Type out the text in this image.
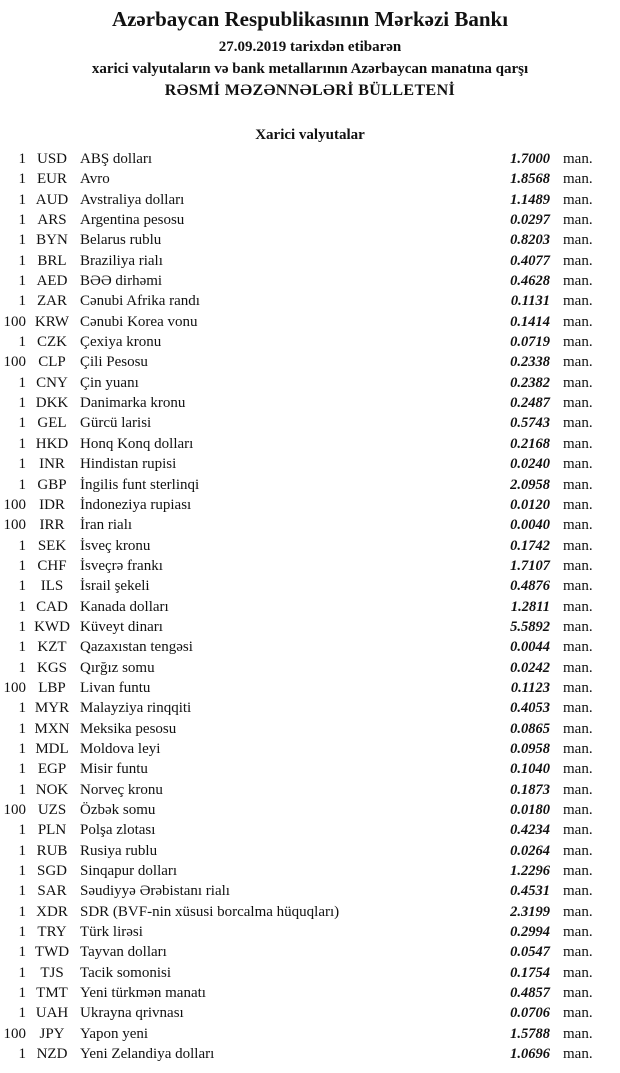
Azərbaycan Respublikasının Mərkəzi Bankı
27.09.2019 tarixdən etibarən
xarici valyutaların və bank metallarının Azərbaycan manatına qarşı
RƏSMİ MƏZƏNNƏLƏRİ BÜLLETENİ
Xarici valyutalar
1 USD ABŞ dolları	1.7000 man.
1 EUR Avro	1.8568 man.
1 AUD Avstraliya dolları	1.1489 man.
1 ARS Argentina pesosu	0.0297 man.
1 BYN Belarus rublu	0.8203 man.
1 BRL Braziliya rialı	0.4077 man.
1 AED BƏƏ dirhəmi	0.4628 man.
1 ZAR Cənubi Afrika randı	0.1131 man.
100 KRW Cənubi Korea vonu	0.1414 man.
1 CZK Çexiya kronu	0.0719 man.
100 CLP Çili Pesosu	0.2338 man.
1 CNY Çin yuanı	0.2382 man.
1 DKK Danimarka kronu	0.2487 man.
1 GEL Gürcü larisi	0.5743 man.
1 HKD Honq Konq dolları	0.2168 man.
1 INR	Hindistan rupisi	0.0240 man.
1 GBP İngilis funt sterlinqi	2.0958 man.
100 IDR	İndoneziya rupiası	0.0120 man.
100 IRR	İran rialı	0.0040 man.
1 SEK İsveç kronu	0.1742 man.
1 CHF İsveçrə frankı	1.7107 man.
1 ILS	İsrail şekeli	0.4876 man.
1 CAD Kanada dolları	1.2811 man.
1 KWD Küveyt dinarı	5.5892 man.
1 KZT Qazaxıstan tengəsi	0.0044 man.
1 KGS Qırğız somu	0.0242 man.
100 LBP Livan funtu	0.1123 man.
1 MYR Malayziya rinqqiti	0.4053 man.
1 MXN Meksika pesosu	0.0865 man.
1 MDL Moldova leyi	0.0958 man.
1 EGP Misir funtu	0.1040 man.
1 NOK Norveç kronu	0.1873 man.
100 UZS Özbək somu	0.0180 man.
1 PLN Polşa zlotası	0.4234 man.
1 RUB Rusiya rublu	0.0264 man.
1 SGD Sinqapur dolları	1.2296 man.
1 SAR Səudiyyə Ərəbistanı rialı	0.4531 man.
1 XDR SDR (BVF-nin xüsusi borcalma hüquqları)	2.3199 man.
1 TRY Türk lirəsi	0.2994 man.
1 TWD Tayvan dolları	0.0547 man.
1 TJS	Tacik somonisi	0.1754 man.
1 TMT Yeni türkmən manatı	0.4857 man.
1 UAH Ukrayna qrivnası	0.0706 man.
100 JPY	Yapon yeni	1.5788 man.
1 NZD Yeni Zelandiya dolları	1.0696 man.
